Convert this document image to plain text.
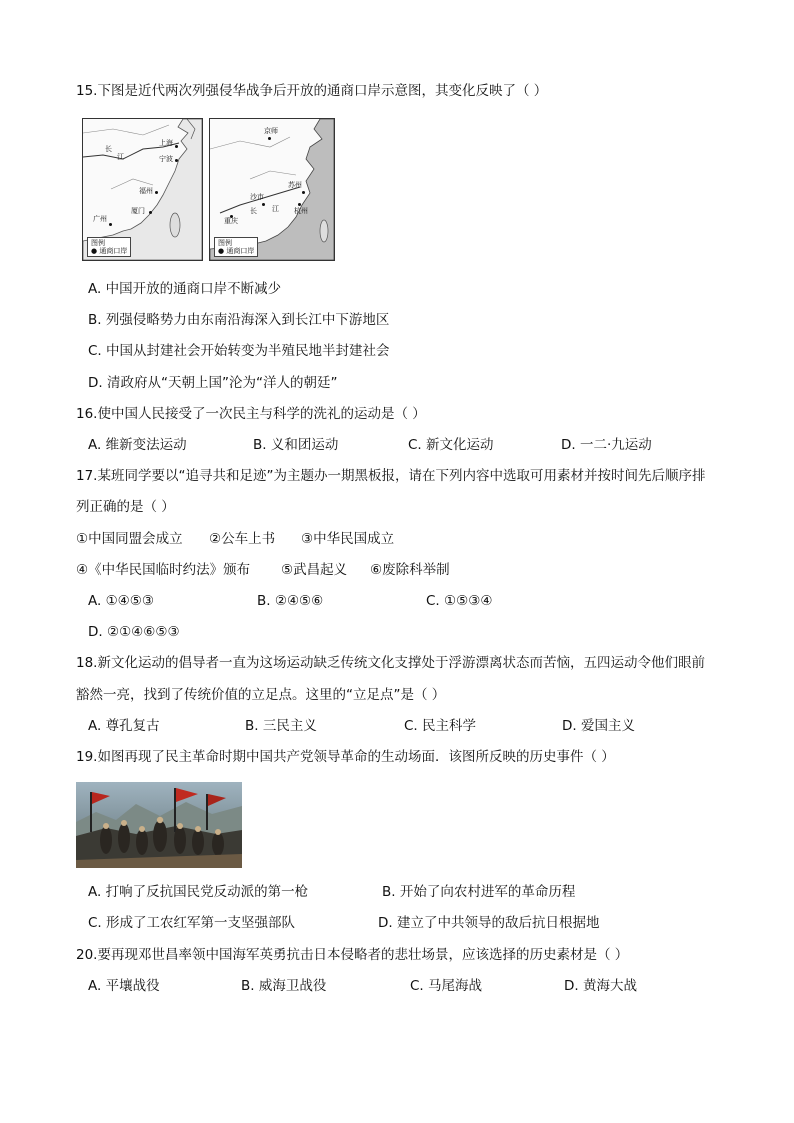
15.下图是近代两次列强侵华战争后开放的通商口岸示意图，其变化反映了（ ）
上海
长
江	宁波
福州
厦门
广州
图例
● 通商口岸
京师
苏州
沙市
重庆
长 江 杭州
图例
● 通商口岸
A. 中国开放的通商口岸不断减少
B. 列强侵略势力由东南沿海深入到长江中下游地区
C. 中国从封建社会开始转变为半殖民地半封建社会
D. 清政府从“天朝上国”沦为“洋人的朝廷”
16.使中国人民接受了一次民主与科学的洗礼的运动是（ ）
A. 维新变法运动	B. 义和团运动	C. 新文化运动	D. 一二·九运动
17.某班同学要以“追寻共和足迹”为主题办一期黑板报，请在下列内容中选取可用素材并按时间先后顺序排
列正确的是（ ）
①中国同盟会成立 ②公车上书 ③中华民国成立
④《中华民国临时约法》颁布 ⑤武昌起义 ⑥废除科举制
A. ①④⑤③	B. ②④⑤⑥	C. ①⑤③④
D. ②①④⑥⑤③
18.新文化运动的倡导者一直为这场运动缺乏传统文化支撑处于浮游漂离状态而苦恼，五四运动令他们眼前
豁然一亮，找到了传统价值的立足点。这里的“立足点”是（ ）
A. 尊孔复古	B. 三民主义	C. 民主科学	D. 爱国主义
19.如图再现了民主革命时期中国共产党领导革命的生动场面．该图所反映的历史事件（ ）
A. 打响了反抗国民党反动派的第一枪	B. 开始了向农村进军的革命历程
C. 形成了工农红军第一支坚强部队	D. 建立了中共领导的敌后抗日根据地
20.要再现邓世昌率领中国海军英勇抗击日本侵略者的悲壮场景，应该选择的历史素材是（ ）
A. 平壤战役	B. 威海卫战役	C. 马尾海战	D. 黄海大战
